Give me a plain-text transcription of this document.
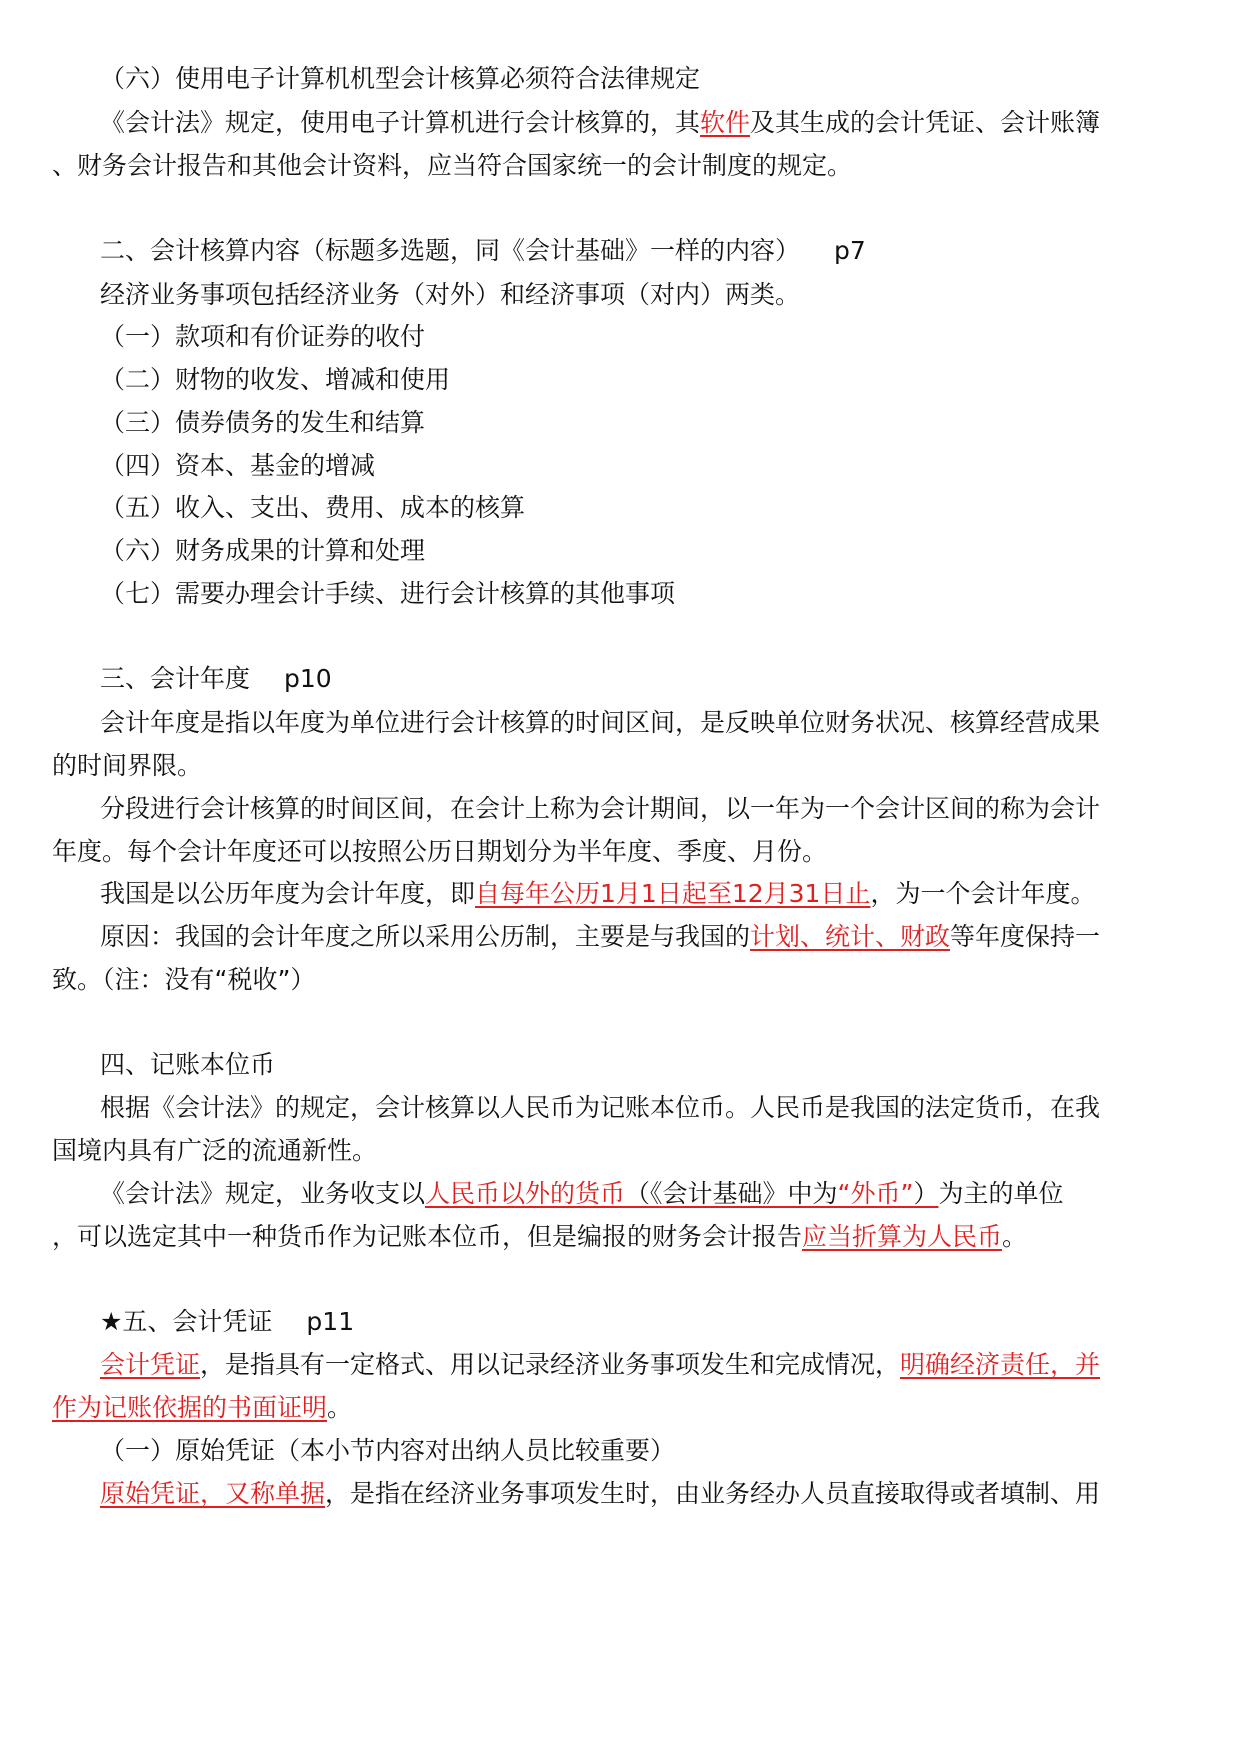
（六）使用电子计算机机型会计核算必须符合法律规定
《会计法》规定，使用电子计算机进行会计核算的，其软件及其生成的会计凭证、会计账簿
、财务会计报告和其他会计资料，应当符合国家统一的会计制度的规定。
二、会计核算内容（标题多选题，同《会计基础》一样的内容） p7
经济业务事项包括经济业务（对外）和经济事项（对内）两类。
（一）款项和有价证券的收付
（二）财物的收发、增减和使用
（三）债券债务的发生和结算
（四）资本、基金的增减
（五）收入、支出、费用、成本的核算
（六）财务成果的计算和处理
（七）需要办理会计手续、进行会计核算的其他事项
三、会计年度 p10
会计年度是指以年度为单位进行会计核算的时间区间，是反映单位财务状况、核算经营成果
的时间界限。
分段进行会计核算的时间区间，在会计上称为会计期间，以一年为一个会计区间的称为会计
年度。每个会计年度还可以按照公历日期划分为半年度、季度、月份。
我国是以公历年度为会计年度，即自每年公历1月1日起至12月31日止，为一个会计年度。
原因：我国的会计年度之所以采用公历制，主要是与我国的计划、统计、财政等年度保持一
致。（注：没有“税收”）
四、记账本位币
根据《会计法》的规定，会计核算以人民币为记账本位币。人民币是我国的法定货币，在我
国境内具有广泛的流通新性。
《会计法》规定，业务收支以人民币以外的货币（《会计基础》中为“外币”）为主的单位
，可以选定其中一种货币作为记账本位币，但是编报的财务会计报告应当折算为人民币。
★五、会计凭证 p11
会计凭证，是指具有一定格式、用以记录经济业务事项发生和完成情况，明确经济责任，并
作为记账依据的书面证明。
（一）原始凭证（本小节内容对出纳人员比较重要）
原始凭证，又称单据，是指在经济业务事项发生时，由业务经办人员直接取得或者填制、用
